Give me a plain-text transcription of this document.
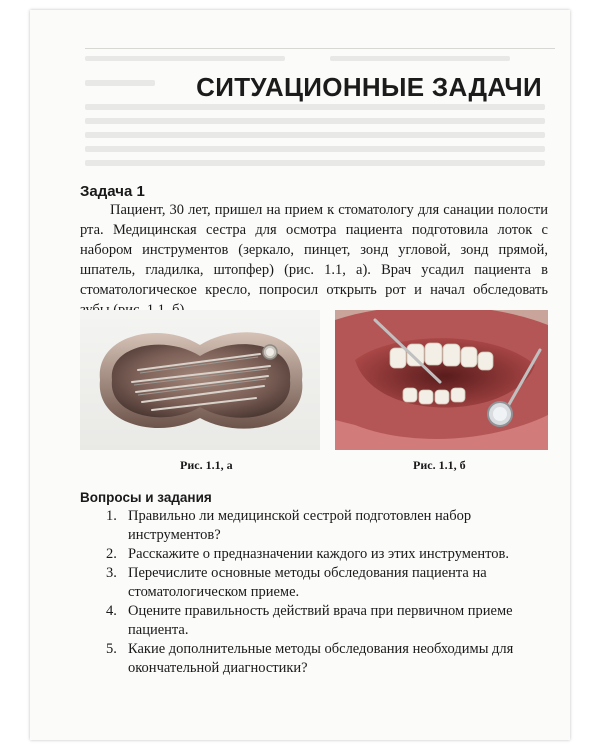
СИТУАЦИОННЫЕ ЗАДАЧИ
Задача 1

Пациент, 30 лет, пришел на прием к стоматологу для санации полости рта. Медицинская сестра для осмотра пациента подготовила лоток с набором инструментов (зеркало, пинцет, зонд угловой, зонд прямой, шпатель, гладилка, штопфер) (рис. 1.1, а). Врач усадил пациента в стоматологическое кресло, попросил открыть рот и начал обследовать

Рис. 1.1, а	Рис. 1.1, б
Вопросы и задания
1. Правильно ли медицинской сестрой подготовлен набор инструментов?
2. Расскажите о предназначении каждого из этих инструментов.
3. Перечислите основные методы обследования пациента на стоматологическом приеме.
4. Оцените правильность действий врача при первичном приеме пациента.
5. Какие дополнительные методы обследования необходимы для окончательной диагностики?
